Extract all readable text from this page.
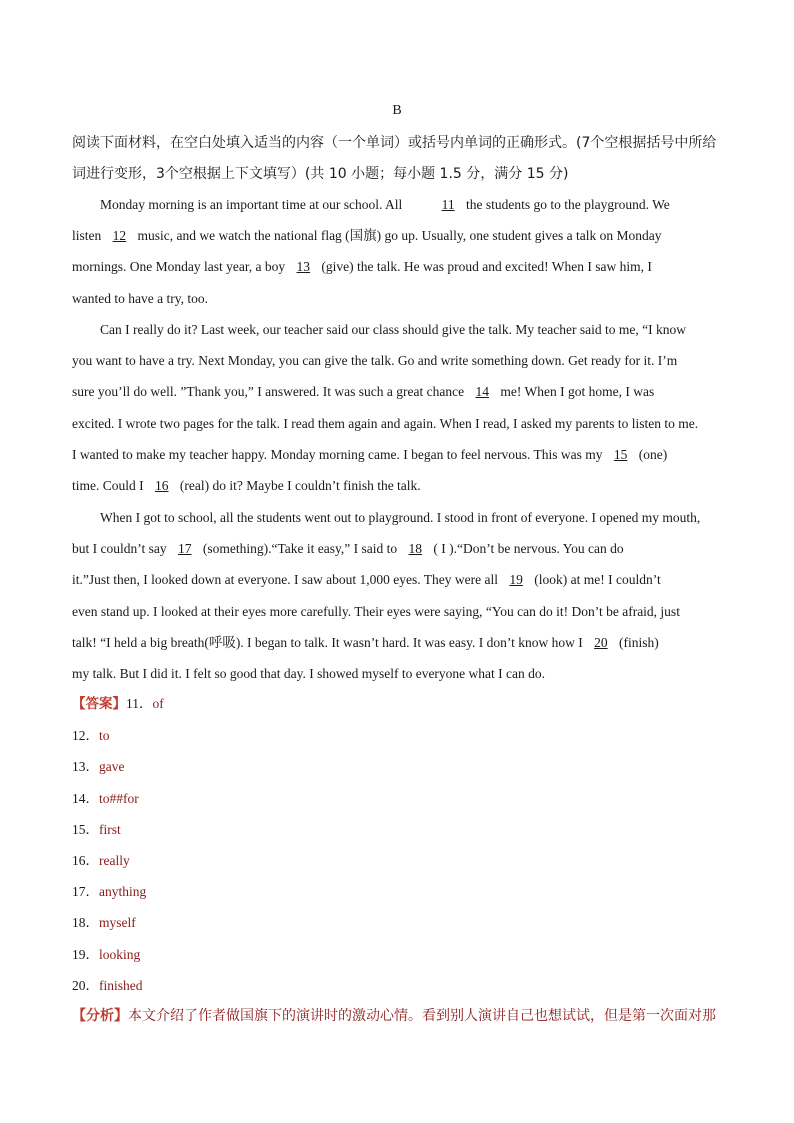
B
阅读下面材料，在空白处填入适当的内容（一个单词）或括号内单词的正确形式。(7个空根据括号中所给
词进行变形，3个空根据上下文填写）(共 10 小题；每小题 1.5 分，满分 15 分)
Monday morning is an important time at our school. All	11 the students go to the playground. We
listen 12 music, and we watch the national flag (国旗) go up. Usually, one student gives a talk on Monday
mornings. One Monday last year, a boy 13 (give) the talk. He was proud and excited! When I saw him, I
wanted to have a try, too.
Can I really do it? Last week, our teacher said our class should give the talk. My teacher said to me, “I know
you want to have a try. Next Monday, you can give the talk. Go and write something down. Get ready for it. I’m
sure you’ll do well. ”Thank you,” I answered. It was such a great chance 14 me! When I got home, I was
excited. I wrote two pages for the talk. I read them again and again. When I read, I asked my parents to listen to me.
I wanted to make my teacher happy. Monday morning came. I began to feel nervous. This was my 15 (one)
time. Could I 16 (real) do it? Maybe I couldn’t finish the talk.
When I got to school, all the students went out to playground. I stood in front of everyone. I opened my mouth,
but I couldn’t say 17 (something).“Take it easy,” I said to 18 ( I ).“Don’t be nervous. You can do
it.”Just then, I looked down at everyone. I saw about 1,000 eyes. They were all 19 (look) at me! I couldn’t
even stand up. I looked at their eyes more carefully. Their eyes were saying, “You can do it! Don’t be afraid, just
talk! “I held a big breath(呼吸). I began to talk. It wasn’t hard. It was easy. I don’t know how I 20 (finish)
my talk. But I did it. I felt so good that day. I showed myself to everyone what I can do.
【答案】11．of
12．to
13．gave
14．to##for
15．first
16．really
17．anything
18．myself
19．looking
20．finished
【分析】本文介绍了作者做国旗下的演讲时的激动心情。看到别人演讲自己也想试试，但是第一次面对那
